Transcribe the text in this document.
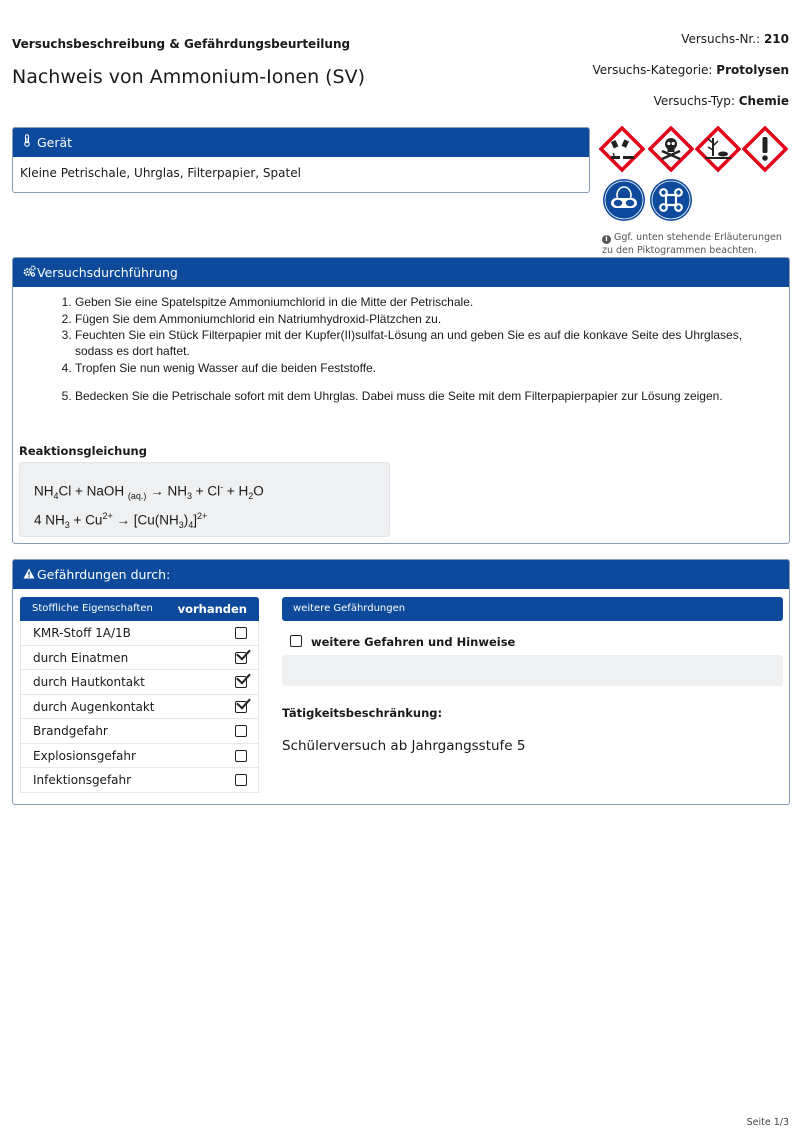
Versuchsbeschreibung & Gefährdungsbeurteilung
Nachweis von Ammonium-Ionen (SV)
Versuchs-Nr.: 210
Versuchs-Kategorie: Protolysen
Versuchs-Typ: Chemie
Gerät
Kleine Petrischale, Uhrglas, Filterpapier, Spatel
i Ggf. unten stehende Erläuterungen zu den Piktogrammen beachten.
Versuchsdurchführung
1. Geben Sie eine Spatelspitze Ammoniumchlorid in die Mitte der Petrischale.
2. Fügen Sie dem Ammoniumchlorid ein Natriumhydroxid-Plätzchen zu.
3. Feuchten Sie ein Stück Filterpapier mit der Kupfer(II)sulfat-Lösung an und geben Sie es auf die konkave Seite des Uhrglases, sodass es dort haftet.
4. Tropfen Sie nun wenig Wasser auf die beiden Feststoffe.
5. Bedecken Sie die Petrischale sofort mit dem Uhrglas. Dabei muss die Seite mit dem Filterpapierpapier zur Lösung zeigen.
Reaktionsgleichung
$NH_4Cl$ + NaOH $_{(aq.)} \to NH_3 + Cl^- + H_2O$
4 $NH_3 + Cu^{2+} \to [Cu(NH_3)_4]^{2+}$
Gefährdungen durch:
Stoffliche Eigenschaften vorhanden
KMR-Stoff 1A/1B
durch Einatmen
durch Hautkontakt
durch Augenkontakt
Brandgefahr
Explosionsgefahr
Infektionsgefahr
weitere Gefährdungen
weitere Gefahren und Hinweise
Tätigkeitsbeschränkung:
Schülerversuch ab Jahrgangsstufe 5
Seite 1/3
